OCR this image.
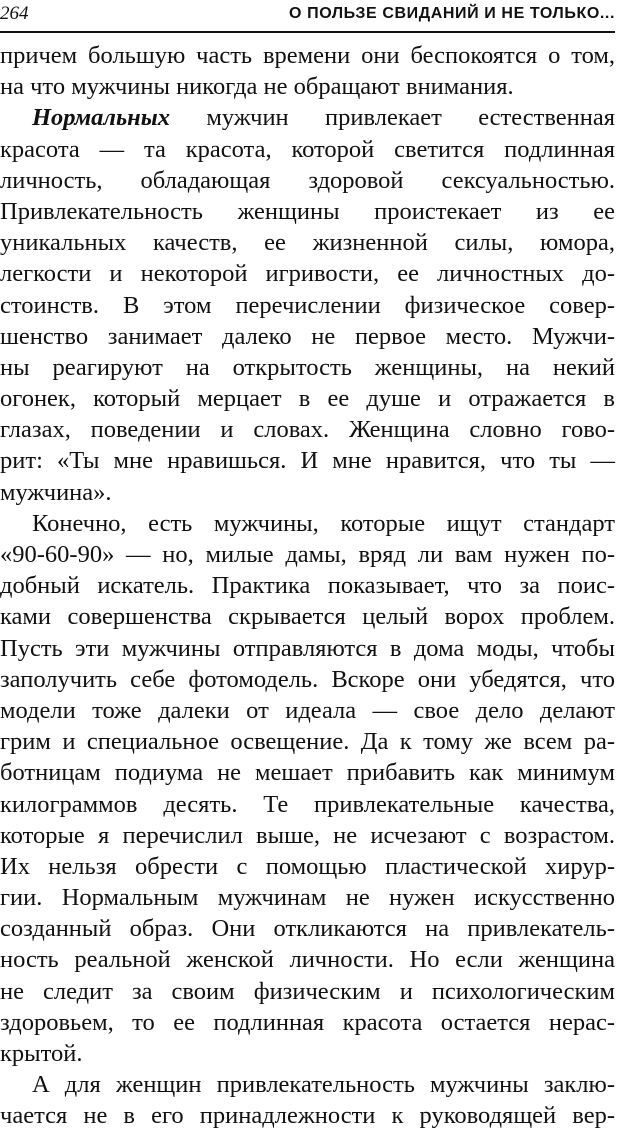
264	О ПОЛЬЗЕ СВИДАНИЙ И НЕ ТОЛЬКО...
причем большую часть времени они беспокоятся о том,
на что мужчины никогда не обращают внимания.
Нормальных мужчин привлекает естественная
красота — та красота, которой светится подлинная
личность, обладающая здоровой сексуальностью.
Привлекательность женщины проистекает из ее
уникальных качеств, ее жизненной силы, юмора,
легкости и некоторой игривости, ее личностных до-
стоинств. В этом перечислении физическое совер-
шенство занимает далеко не первое место. Мужчи-
ны реагируют на открытость женщины, на некий
огонек, который мерцает в ее душе и отражается в
глазах, поведении и словах. Женщина словно гово-
рит: «Ты мне нравишься. И мне нравится, что ты —
мужчина».
Конечно, есть мужчины, которые ищут стандарт
«90-60-90» — но, милые дамы, вряд ли вам нужен по-
добный искатель. Практика показывает, что за поис-
ками совершенства скрывается целый ворох проблем.
Пусть эти мужчины отправляются в дома моды, чтобы
заполучить себе фотомодель. Вскоре они убедятся, что
модели тоже далеки от идеала — свое дело делают
грим и специальное освещение. Да к тому же всем ра-
ботницам подиума не мешает прибавить как минимум
килограммов десять. Те привлекательные качества,
которые я перечислил выше, не исчезают с возрастом.
Их нельзя обрести с помощью пластической хирур-
гии. Нормальным мужчинам не нужен искусственно
созданный образ. Они откликаются на привлекатель-
ность реальной женской личности. Но если женщина
не следит за своим физическим и психологическим
здоровьем, то ее подлинная красота остается нерас-
крытой.
А для женщин привлекательность мужчины заклю-
чается не в его принадлежности к руководящей вер-
